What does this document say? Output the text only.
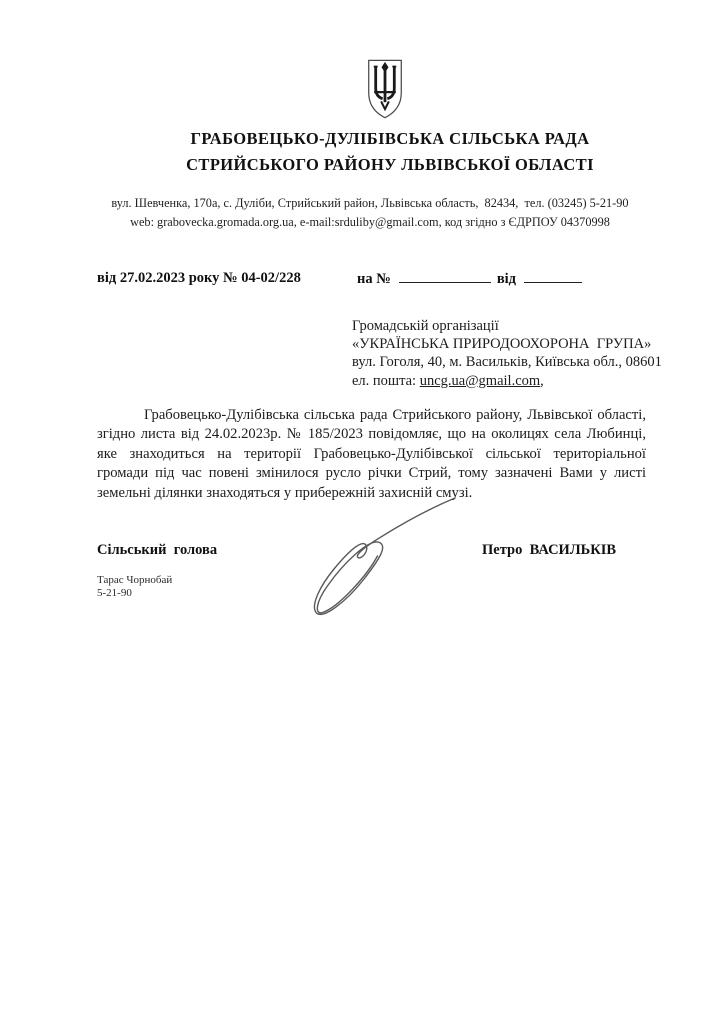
ГРАБОВЕЦЬКО-ДУЛІБІВСЬКА СІЛЬСЬКА РАДА
СТРИЙСЬКОГО РАЙОНУ ЛЬВІВСЬКОЇ ОБЛАСТІ
вул. Шевченка, 170а, с. Дуліби, Стрийський район, Львівська область,  82434,  тел. (03245) 5-21-90
web: grabovecka.gromada.org.ua, e-mail:srduliby@gmail.com, код згідно з ЄДРПОУ 04370998
від 27.02.2023 року № 04-02/228	на №	від
Громадській організації
«УКРАЇНСЬКА ПРИРОДООХОРОНА  ГРУПА»
вул. Гоголя, 40, м. Васильків, Київська обл., 08601
ел. пошта: uncg.ua@gmail.com,
Грабовецько-Дулібівська сільська рада Стрийського району, Львівської області, згідно листа від 24.02.2023р. № 185/2023 повідомляє, що на околицях села Любинці, яке знаходиться на території Грабовецько-Дулібівської сільської територіальної громади під час повені змінилося русло річки Стрий, тому зазначені Вами у листі земельні ділянки знаходяться у прибережній захисній смузі.
Сільський  голова	Петро  ВАСИЛЬКІВ
Тарас Чорнобай
5-21-90
